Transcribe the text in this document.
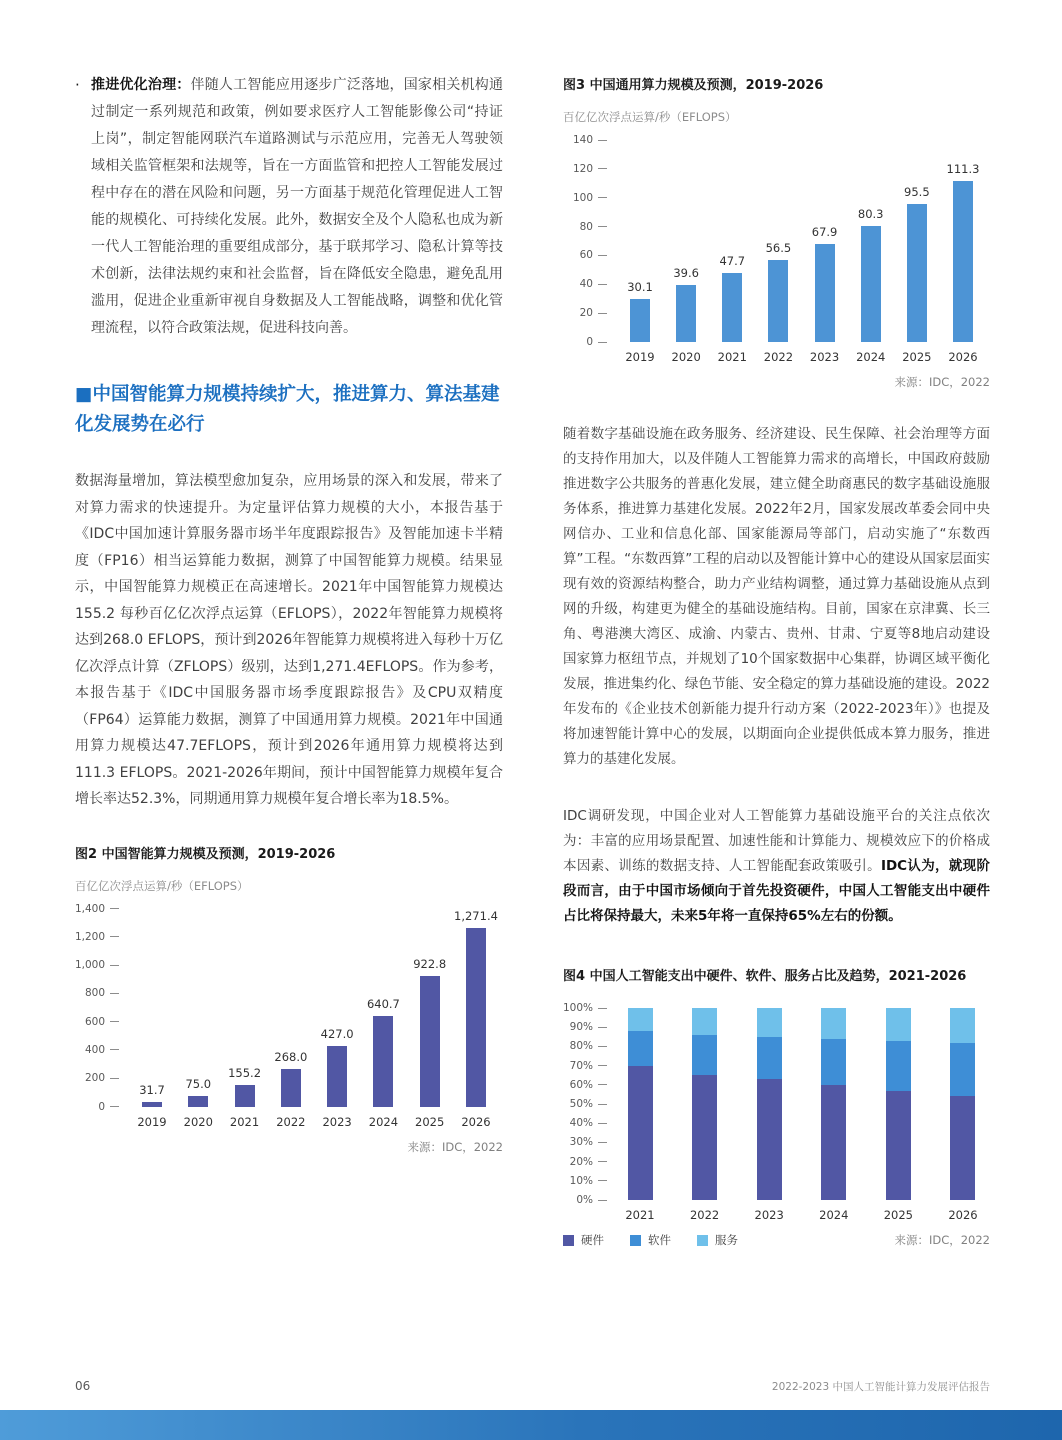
· 推进优化治理：伴随人工智能应用逐步广泛落地，国家相关机构通过制定一系列规范和政策，例如要求医疗人工智能影像公司“持证上岗”，制定智能网联汽车道路测试与示范应用，完善无人驾驶领域相关监管框架和法规等，旨在一方面监管和把控人工智能发展过程中存在的潜在风险和问题，另一方面基于规范化管理促进人工智能的规模化、可持续化发展。此外，数据安全及个人隐私也成为新一代人工智能治理的重要组成部分，基于联邦学习、隐私计算等技术创新，法律法规约束和社会监督，旨在降低安全隐患，避免乱用滥用，促进企业重新审视自身数据及人工智能战略，调整和优化管理流程，以符合政策法规，促进科技向善。
■中国智能算力规模持续扩大，推进算力、算法基建化发展势在必行

数据海量增加，算法模型愈加复杂，应用场景的深入和发展，带来了对算力需求的快速提升。为定量评估算力规模的大小，本报告基于《IDC中国加速计算服务器市场半年度跟踪报告》及智能加速卡半精度（FP16）相当运算能力数据，测算了中国智能算力规模。结果显示，中国智能算力规模正在高速增长。2021年中国智能算力规模达155.2 每秒百亿亿次浮点运算（EFLOPS），2022年智能算力规模将达到268.0 EFLOPS，预计到2026年智能算力规模将进入每秒十万亿亿次浮点计算（ZFLOPS）级别，达到1,271.4EFLOPS。作为参考，本报告基于《IDC中国服务器市场季度跟踪报告》及CPU双精度（FP64）运算能力数据，测算了中国通用算力规模。2021年中国通用算力规模达47.7EFLOPS，预计到2026年通用算力规模将达到111.3 EFLOPS。2021-2026年期间，预计中国智能算力规模年复合增长率达52.3%，同期通用算力规模年复合增长率为18.5%。

图2 中国智能算力规模及预测，2019-2026
百亿亿次浮点运算/秒（EFLOPS）
0
200
400
600
800
1,000
1,200
1,400
31.7
2019
75.0
2020
155.2
2021
268.0
2022
427.0
2023
640.7
2024
922.8
2025
1,271.4
2026
来源：IDC，2022
图3 中国通用算力规模及预测，2019-2026
百亿亿次浮点运算/秒（EFLOPS）
0
20
40
60
80
100
120
140
30.1
2019
39.6
2020
47.7
2021
56.5
2022
67.9
2023
80.3
2024
95.5
2025
111.3
2026
来源：IDC，2022

随着数字基础设施在政务服务、经济建设、民生保障、社会治理等方面的支持作用加大，以及伴随人工智能算力需求的高增长，中国政府鼓励推进数字公共服务的普惠化发展，建立健全助商惠民的数字基础设施服务体系，推进算力基建化发展。2022年2月，国家发展改革委会同中央网信办、工业和信息化部、国家能源局等部门，启动实施了“东数西算”工程。“东数西算”工程的启动以及智能计算中心的建设从国家层面实现有效的资源结构整合，助力产业结构调整，通过算力基础设施从点到网的升级，构建更为健全的基础设施结构。目前，国家在京津冀、长三角、粤港澳大湾区、成渝、内蒙古、贵州、甘肃、宁夏等8地启动建设国家算力枢纽节点，并规划了10个国家数据中心集群，协调区域平衡化发展，推进集约化、绿色节能、安全稳定的算力基础设施的建设。2022年发布的《企业技术创新能力提升行动方案（2022-2023年）》也提及将加速智能计算中心的发展，以期面向企业提供低成本算力服务，推进算力的基建化发展。

IDC调研发现，中国企业对人工智能算力基础设施平台的关注点依次为：丰富的应用场景配置、加速性能和计算能力、规模效应下的价格成本因素、训练的数据支持、人工智能配套政策吸引。IDC认为，就现阶段而言，由于中国市场倾向于首先投资硬件，中国人工智能支出中硬件占比将保持最大，未来5年将一直保持65%左右的份额。

图4 中国人工智能支出中硬件、软件、服务占比及趋势，2021-2026
0%
10%
20%
30%
40%
50%
60%
70%
80%
90%
100%
2021	2022	2023	2024	2025	2026
硬件	软件	服务	来源：IDC，2022
06	2022-2023 中国人工智能计算力发展评估报告
